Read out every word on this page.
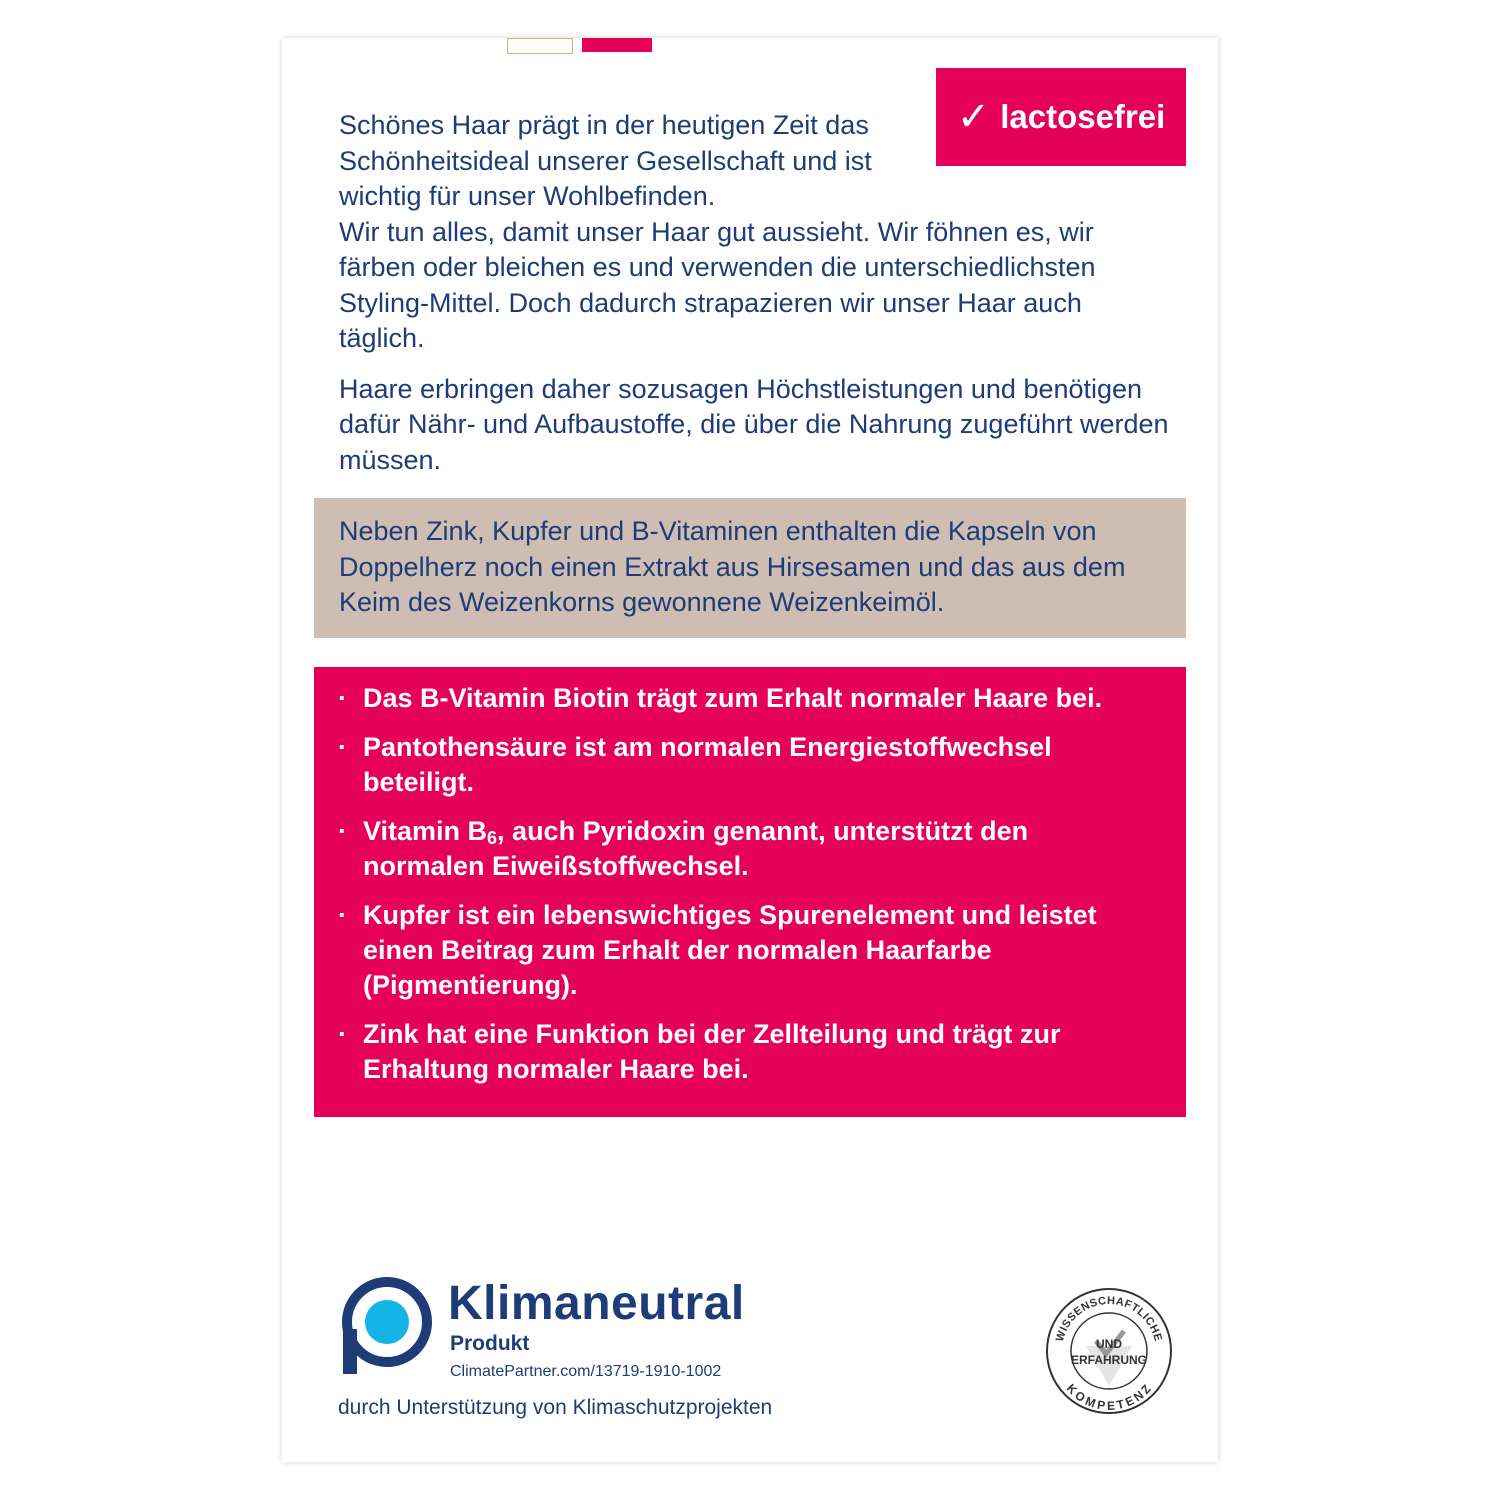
✓ lactosefrei

Schönes Haar prägt in der heutigen Zeit das Schönheitsideal unserer Gesellschaft und ist wichtig für unser Wohlbefinden.

Wir tun alles, damit unser Haar gut aussieht. Wir föhnen es, wir färben oder bleichen es und verwenden die unterschiedlichsten Styling-Mittel. Doch dadurch strapazieren wir unser Haar auch täglich.

Haare erbringen daher sozusagen Höchstleistungen und benötigen dafür Nähr- und Aufbaustoffe, die über die Nahrung zugeführt werden müssen.

Neben Zink, Kupfer und B-Vitaminen enthalten die Kapseln von Doppelherz noch einen Extrakt aus Hirsesamen und das aus dem Keim des Weizenkorns gewonnene Weizenkeimöl.
· Das B-Vitamin Biotin trägt zum Erhalt normaler Haare bei.
· Pantothensäure ist am normalen Energiestoffwechsel beteiligt.
· Vitamin $B_6$, auch Pyridoxin genannt, unterstützt den normalen Eiweißstoffwechsel.
· Kupfer ist ein lebenswichtiges Spurenelement und leistet einen Beitrag zum Erhalt der normalen Haarfarbe (Pigmentierung).
· Zink hat eine Funktion bei der Zellteilung und trägt zur Erhaltung normaler Haare bei.
Klimaneutral
Produkt
ClimatePartner.com/13719-1910-1002
durch Unterstützung von Klimaschutzprojekten
WISSENSCHAFTLICHE
KOMPETENZ
UND
ERFAHRUNG
